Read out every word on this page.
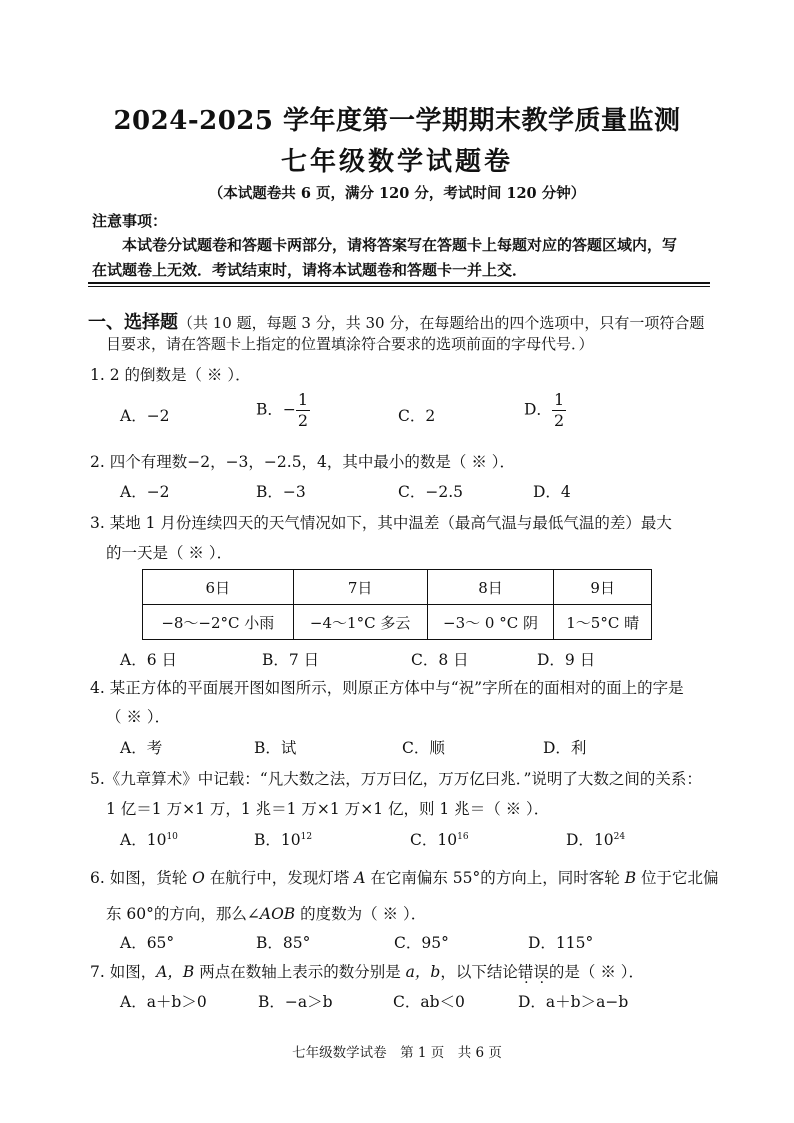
2024-2025 学年度第一学期期末教学质量监测
七年级数学试题卷
（本试题卷共 6 页，满分 120 分，考试时间 120 分钟）
注意事项：
本试卷分试题卷和答题卡两部分，请将答案写在答题卡上每题对应的答题区域内，写
在试题卷上无效．考试结束时，请将本试题卷和答题卡一并上交．
一、选择题（共 10 题，每题 3 分，共 30 分，在每题给出的四个选项中，只有一项符合题
目要求，请在答题卡上指定的位置填涂符合要求的选项前面的字母代号．）
1. 2 的倒数是（ ※ ）．
A．−2	B．− $\frac{1}{2}$	C．2	D． $\frac{1}{2}$
2. 四个有理数−2，−3，−2.5，4，其中最小的数是（ ※ ）．
A．−2	B．−3	C．−2.5	D．4
3. 某地 1 月份连续四天的天气情况如下，其中温差（最高气温与最低气温的差）最大
的一天是（ ※ ）．
6日	7日	8日	9日
−8～−2°C 小雨	−4～1°C 多云	−3～ 0 °C 阴	1～5°C 晴
A．6 日	B．7 日	C．8 日	D．9 日
4. 某正方体的平面展开图如图所示，则原正方体中与“祝”字所在的面相对的面上的字是
（ ※ ）．
A．考	B．试	C．顺	D．利
5.《九章算术》中记载：“凡大数之法，万万曰亿，万万亿曰兆．”说明了大数之间的关系：
1 亿＝1 万×1 万，1 兆＝1 万×1 万×1 亿，则 1 兆＝（ ※ ）．
A．$10^{10}$	B．$10^{12}$	C．$10^{16}$	D．$10^{24}$
6. 如图，货轮 O 在航行中，发现灯塔 A 在它南偏东 55°的方向上，同时客轮 B 位于它北偏
东 60°的方向，那么∠AOB 的度数为（ ※ ）．
A．65°	B．85°	C．95°	D．115°
7. 如图，A，B 两点在数轴上表示的数分别是 a，b，以下结论错误的是（ ※ ）．
A．a＋b＞0	B．−a＞b	C．ab＜0	D．a＋b＞a−b
七年级数学试卷　第 1 页　共 6 页
